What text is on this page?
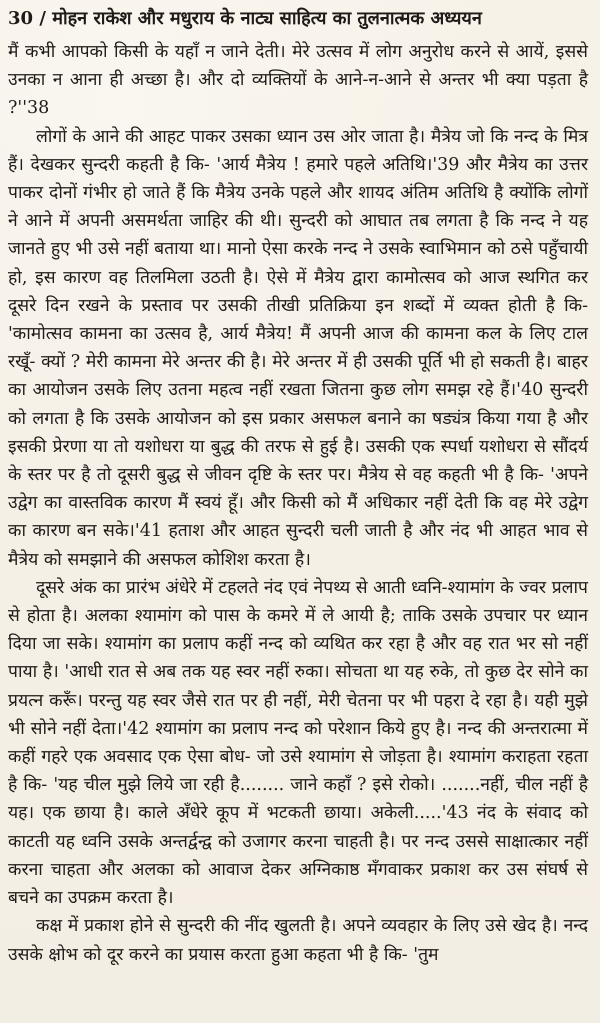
30 / मोहन राकेश और मधुराय के नाट्य साहित्य का तुलनात्मक अध्ययन

मैं कभी आपको किसी के यहाँ न जाने देती। मेरे उत्सव में लोग अनुरोध करने से आयें, इससे उनका न आना ही अच्छा है। और दो व्यक्तियों के आने-न-आने से अन्तर भी क्या पड़ता है ?''38

लोगों के आने की आहट पाकर उसका ध्यान उस ओर जाता है। मैत्रेय जो कि नन्द के मित्र हैं। देखकर सुन्दरी कहती है कि- 'आर्य मैत्रेय ! हमारे पहले अतिथि।'39 और मैत्रेय का उत्तर पाकर दोनों गंभीर हो जाते हैं कि मैत्रेय उनके पहले और शायद अंतिम अतिथि है क्योंकि लोगों ने आने में अपनी असमर्थता जाहिर की थी। सुन्दरी को आघात तब लगता है कि नन्द ने यह जानते हुए भी उसे नहीं बताया था। मानो ऐसा करके नन्द ने उसके स्वाभिमान को ठसे पहुँचायी हो, इस कारण वह तिलमिला उठती है। ऐसे में मैत्रेय द्वारा कामोत्सव को आज स्थगित कर दूसरे दिन रखने के प्रस्ताव पर उसकी तीखी प्रतिक्रिया इन शब्दों में व्यक्त होती है कि- 'कामोत्सव कामना का उत्सव है, आर्य मैत्रेय! मैं अपनी आज की कामना कल के लिए टाल रखूँ- क्यों ? मेरी कामना मेरे अन्तर की है। मेरे अन्तर में ही उसकी पूर्ति भी हो सकती है। बाहर का आयोजन उसके लिए उतना महत्व नहीं रखता जितना कुछ लोग समझ रहे हैं।'40 सुन्दरी को लगता है कि उसके आयोजन को इस प्रकार असफल बनाने का षड्यंत्र किया गया है और इसकी प्रेरणा या तो यशोधरा या बुद्ध की तरफ से हुई है। उसकी एक स्पर्धा यशोधरा से सौंदर्य के स्तर पर है तो दूसरी बुद्ध से जीवन दृष्टि के स्तर पर। मैत्रेय से वह कहती भी है कि- 'अपने उद्वेग का वास्तविक कारण मैं स्वयं हूँ। और किसी को मैं अधिकार नहीं देती कि वह मेरे उद्वेग का कारण बन सके।'41 हताश और आहत सुन्दरी चली जाती है और नंद भी आहत भाव से मैत्रेय को समझाने की असफल कोशिश करता है।

दूसरे अंक का प्रारंभ अंधेरे में टहलते नंद एवं नेपथ्य से आती ध्वनि-श्यामांग के ज्वर प्रलाप से होता है। अलका श्यामांग को पास के कमरे में ले आयी है; ताकि उसके उपचार पर ध्यान दिया जा सके। श्यामांग का प्रलाप कहीं नन्द को व्यथित कर रहा है और वह रात भर सो नहीं पाया है। 'आधी रात से अब तक यह स्वर नहीं रुका। सोचता था यह रुके, तो कुछ देर सोने का प्रयत्न करूँ। परन्तु यह स्वर जैसे रात पर ही नहीं, मेरी चेतना पर भी पहरा दे रहा है। यही मुझे भी सोने नहीं देता।'42 श्यामांग का प्रलाप नन्द को परेशान किये हुए है। नन्द की अन्तरात्मा में कहीं गहरे एक अवसाद एक ऐसा बोध- जो उसे श्यामांग से जोड़ता है। श्यामांग कराहता रहता है कि- 'यह चील मुझे लिये जा रही है........ जाने कहाँ ? इसे रोको। .......नहीं, चील नहीं है यह। एक छाया है। काले अँधेरे कूप में भटकती छाया। अकेली.....'43 नंद के संवाद को काटती यह ध्वनि उसके अन्तर्द्वन्द्व को उजागर करना चाहती है। पर नन्द उससे साक्षात्कार नहीं करना चाहता और अलका को आवाज देकर अग्निकाष्ठ मँगवाकर प्रकाश कर उस संघर्ष से बचने का उपक्रम करता है।

कक्ष में प्रकाश होने से सुन्दरी की नींद खुलती है। अपने व्यवहार के लिए उसे खेद है। नन्द उसके क्षोभ को दूर करने का प्रयास करता हुआ कहता भी है कि- 'तुम
